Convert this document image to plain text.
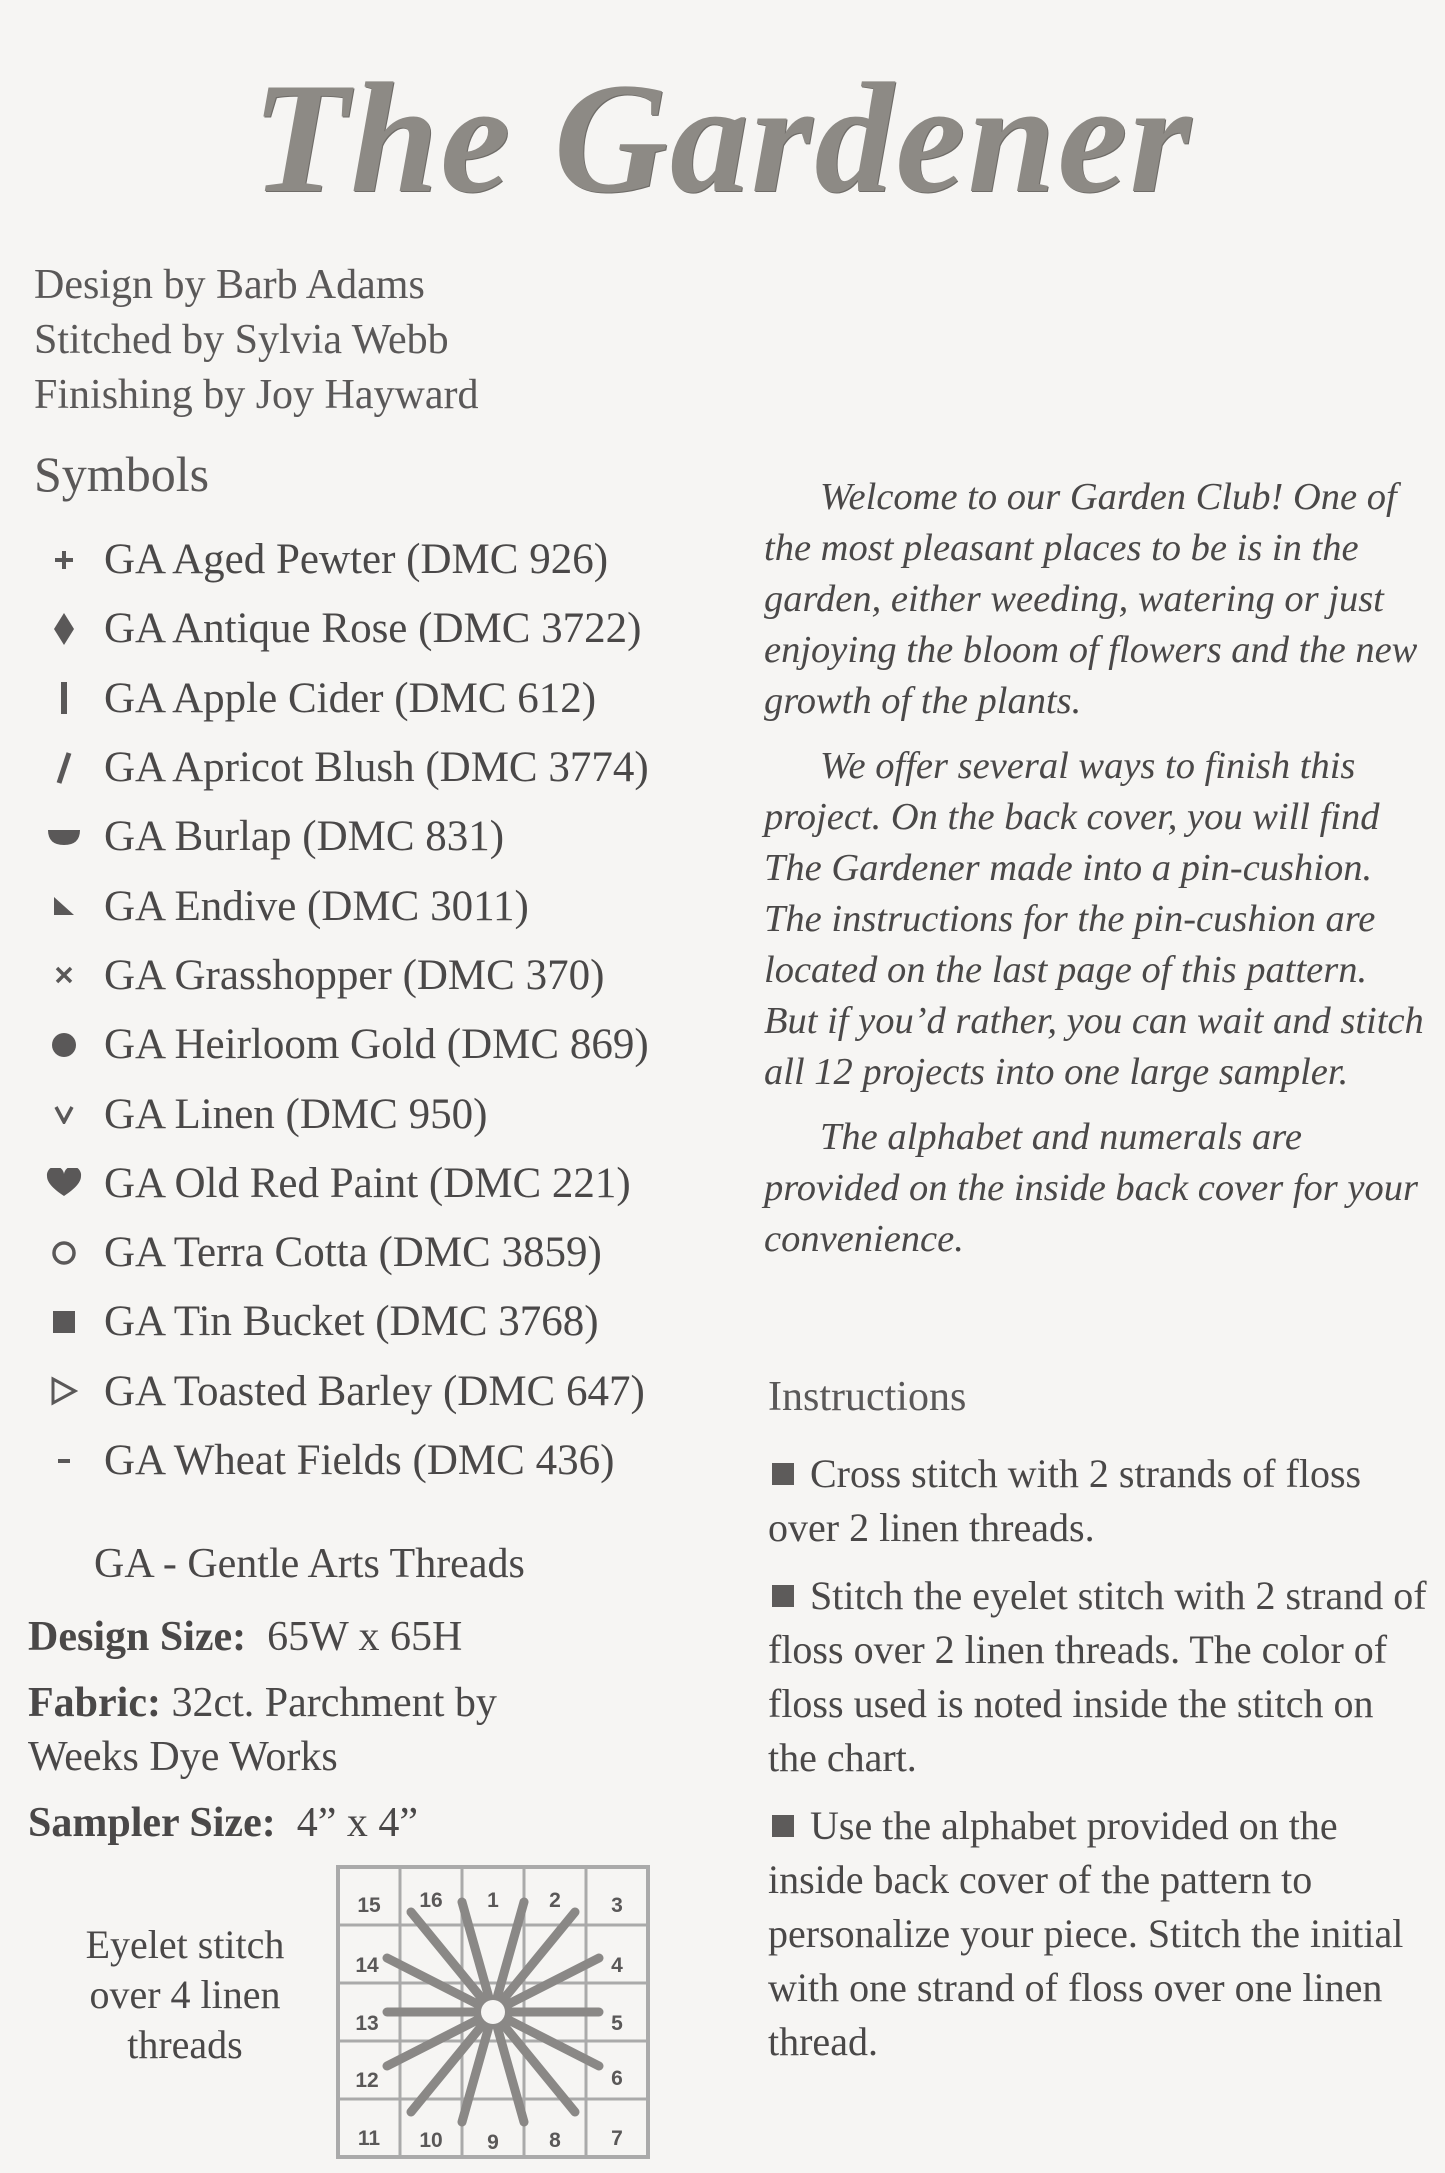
The Gardener
Design by Barb Adams
Stitched by Sylvia Webb
Finishing by Joy Hayward
Symbols
GA Aged Pewter (DMC 926)
GA Antique Rose (DMC 3722)
GA Apple Cider (DMC 612)
GA Apricot Blush (DMC 3774)
GA Burlap (DMC 831)
GA Endive (DMC 3011)
GA Grasshopper (DMC 370)
GA Heirloom Gold (DMC 869)
GA Linen (DMC 950)
GA Old Red Paint (DMC 221)
GA Terra Cotta (DMC 3859)
GA Tin Bucket (DMC 3768)
GA Toasted Barley (DMC 647)
GA Wheat Fields (DMC 436)
GA - Gentle Arts Threads
Design Size: 65W x 65H
Fabric: 32ct. Parchment by
Weeks Dye Works
Sampler Size: 4” x 4”
Eyelet stitch
over 4 linen
threads
1 2 3
4
5
6
7
8
9
10
11
12
13
14
15 16

Welcome to our Garden Club! One of the most pleasant places to be is in the garden, either weeding, watering or just enjoying the bloom of flowers and the new growth of the plants.

We offer several ways to finish this project. On the back cover, you will find The Gardener made into a pin-cushion. The instructions for the pin-cushion are located on the last page of this pattern. But if you’d rather, you can wait and stitch all 12 projects into one large sampler.

The alphabet and numerals are provided on the inside back cover for your convenience.

Instructions
Cross stitch with 2 strands of floss over 2 linen threads.
Stitch the eyelet stitch with 2 strand of floss over 2 linen threads. The color of floss used is noted inside the stitch on the chart.
Use the alphabet provided on the inside back cover of the pattern to personalize your piece. Stitch the initial with one strand of floss over one linen thread.
